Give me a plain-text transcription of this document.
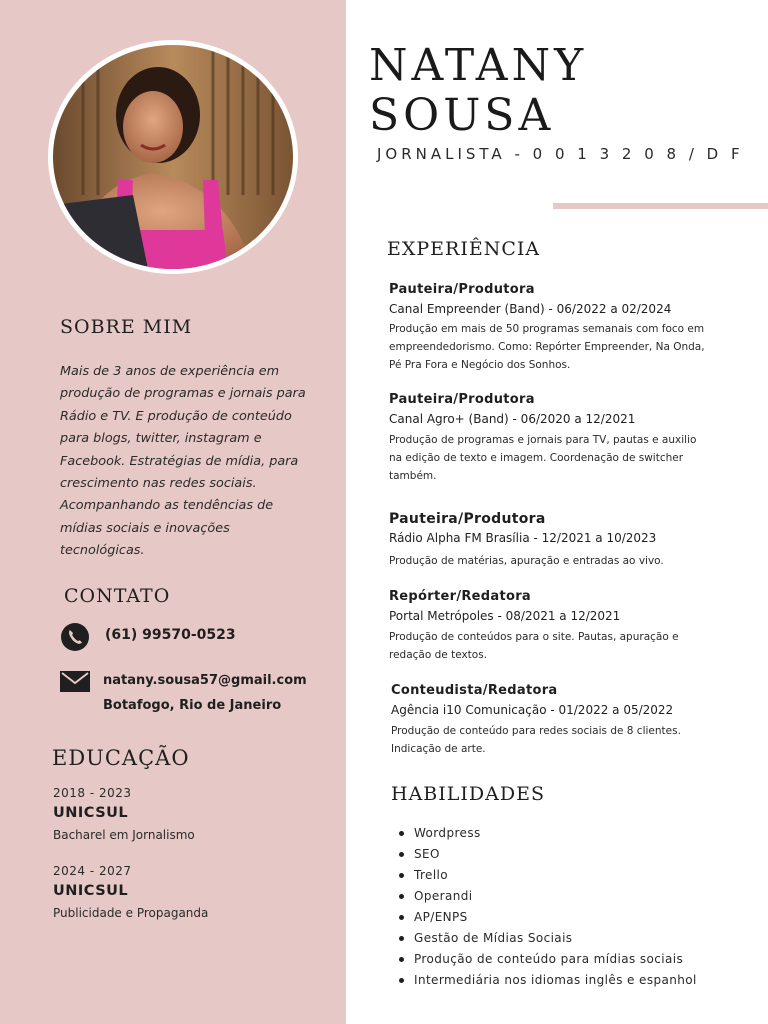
SOBRE MIM
Mais de 3 anos de experiência em produção de programas e jornais para Rádio e TV. E produção de conteúdo para blogs, twitter, instagram e Facebook. Estratégias de mídia, para crescimento nas redes sociais. Acompanhando as tendências de mídias sociais e inovações tecnológicas.
CONTATO
(61) 99570-0523
natany.sousa57@gmail.com
Botafogo, Rio de Janeiro
EDUCAÇÃO
2018 - 2023
UNICSUL
Bacharel em Jornalismo
2024 - 2027
UNICSUL
Publicidade e Propaganda
NATANY
SOUSA
JORNALISTA - 0 0 1 3 2 0 8 / D F
EXPERIÊNCIA
Pauteira/Produtora
Canal Empreender (Band) - 06/2022 a 02/2024
Produção em mais de 50 programas semanais com foco em empreendedorismo. Como: Repórter Empreender, Na Onda, Pé Pra Fora e Negócio dos Sonhos.
Pauteira/Produtora
Canal Agro+ (Band) - 06/2020 a 12/2021
Produção de programas e jornais para TV, pautas e auxilio na edição de texto e imagem. Coordenação de switcher também.
Pauteira/Produtora
Rádio Alpha FM Brasília - 12/2021 a 10/2023
Produção de matérias, apuração e entradas ao vivo.
Repórter/Redatora
Portal Metrópoles - 08/2021 a 12/2021
Produção de conteúdos para o site. Pautas, apuração e redação de textos.
Conteudista/Redatora
Agência i10 Comunicação - 01/2022 a 05/2022
Produção de conteúdo para redes sociais de 8 clientes. Indicação de arte.
HABILIDADES
Wordpress
SEO
Trello
Operandi
AP/ENPS
Gestão de Mídias Sociais
Produção de conteúdo para mídias sociais
Intermediária nos idiomas inglês e espanhol
